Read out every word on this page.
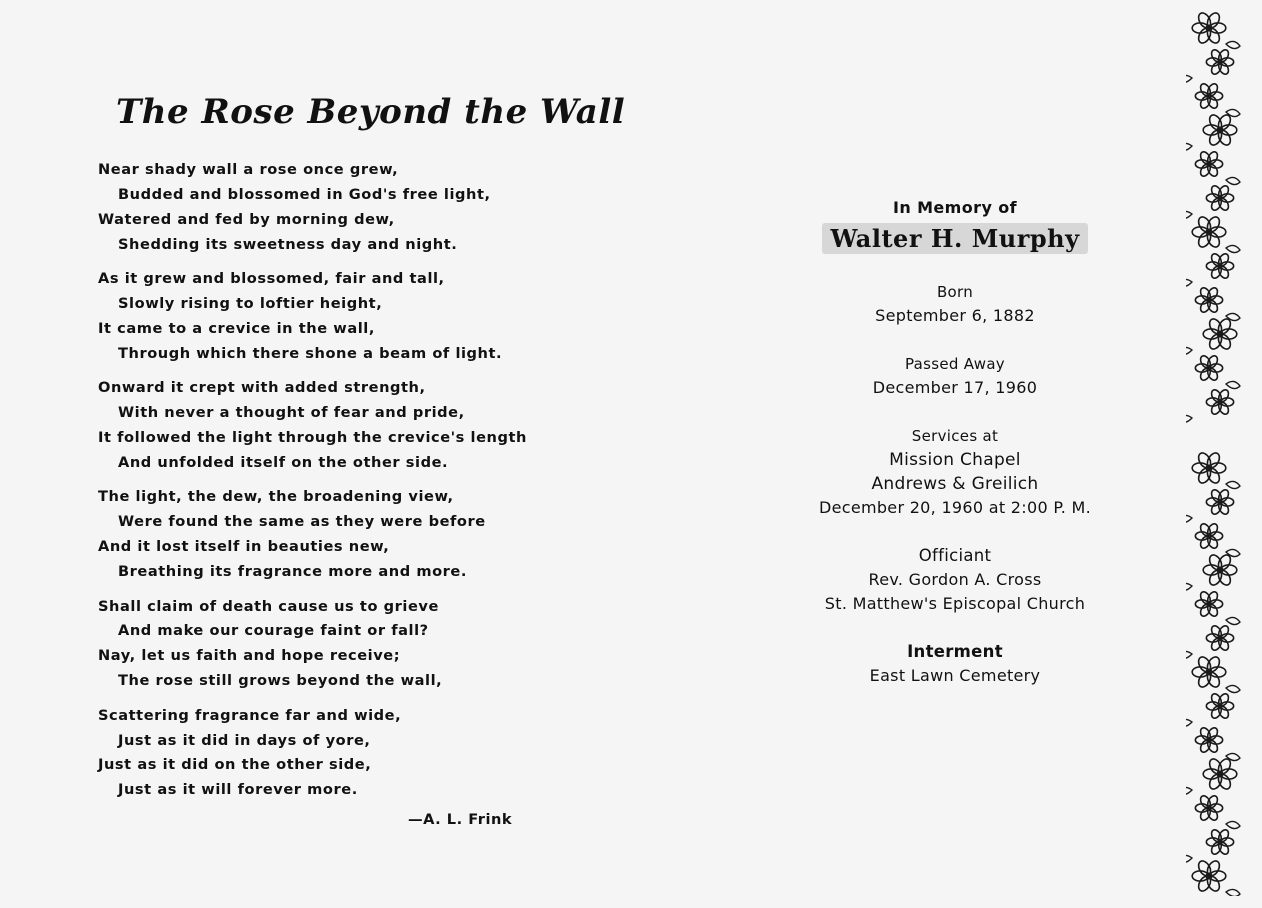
The Rose Beyond the Wall
Near shady wall a rose once grew,
Budded and blossomed in God's free light,
Watered and fed by morning dew,
Shedding its sweetness day and night.
As it grew and blossomed, fair and tall,
Slowly rising to loftier height,
It came to a crevice in the wall,
Through which there shone a beam of light.
Onward it crept with added strength,
With never a thought of fear and pride,
It followed the light through the crevice's length
And unfolded itself on the other side.
The light, the dew, the broadening view,
Were found the same as they were before
And it lost itself in beauties new,
Breathing its fragrance more and more.
Shall claim of death cause us to grieve
And make our courage faint or fall?
Nay, let us faith and hope receive;
The rose still grows beyond the wall,
Scattering fragrance far and wide,
Just as it did in days of yore,
Just as it did on the other side,
Just as it will forever more.
—A. L. Frink
In Memory of
Walter H. Murphy
Born
September 6, 1882
Passed Away
December 17, 1960
Services at
Mission Chapel
Andrews & Greilich
December 20, 1960 at 2:00 P. M.
Officiant
Rev. Gordon A. Cross
St. Matthew's Episcopal Church
Interment
East Lawn Cemetery
